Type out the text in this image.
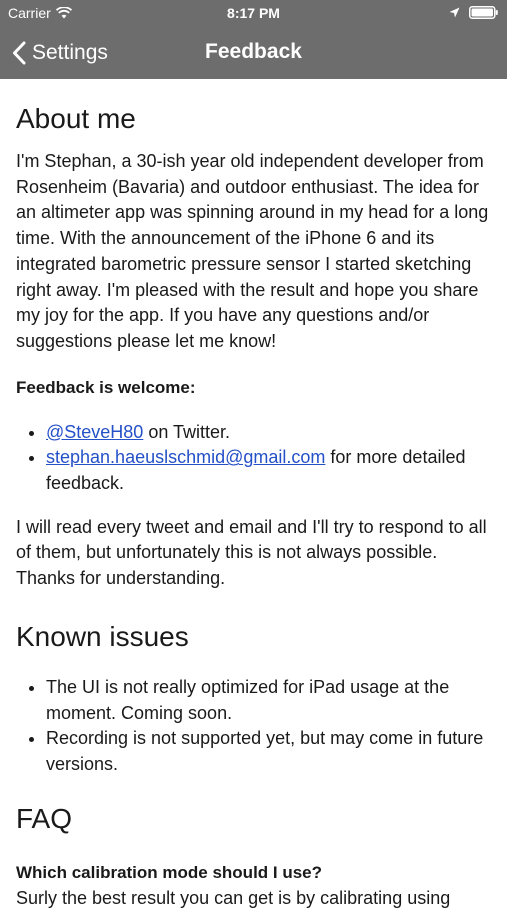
Carrier	8:17 PM
Settings	Feedback
About me

I'm Stephan, a 30-ish year old independent developer from Rosenheim (Bavaria) and outdoor enthusiast. The idea for an altimeter app was spinning around in my head for a long time. With the announcement of the iPhone 6 and its integrated barometric pressure sensor I started sketching right away. I'm pleased with the result and hope you share my joy for the app. If you have any questions and/or suggestions please let me know!

Feedback is welcome:
• @SteveH80 on Twitter.
• stephan.haeuslschmid@gmail.com for more detailed feedback.

I will read every tweet and email and I'll try to respond to all of them, but unfortunately this is not always possible. Thanks for understanding.

Known issues
• The UI is not really optimized for iPad usage at the moment. Coming soon.
• Recording is not supported yet, but may come in future versions.
FAQ
Which calibration mode should I use?

Surly the best result you can get is by calibrating using
